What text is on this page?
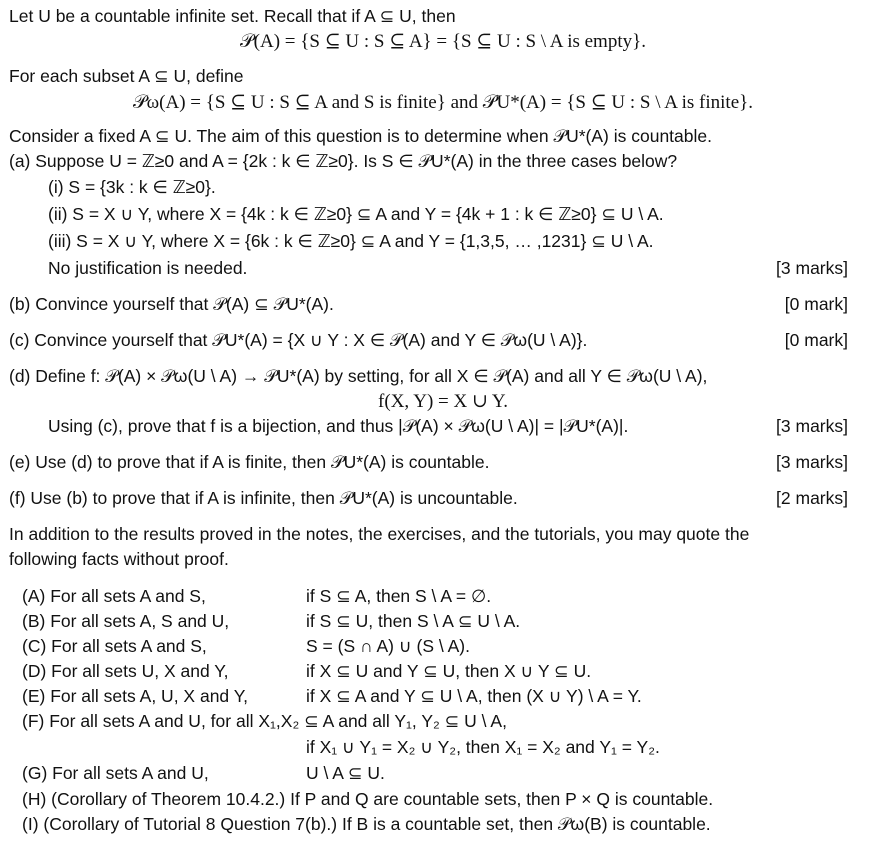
Let U be a countable infinite set. Recall that if A ⊆ U, then
𝒫(A) = {S ⊆ U : S ⊆ A} = {S ⊆ U : S \ A is empty}.
For each subset A ⊆ U, define
𝒫ω(A) = {S ⊆ U : S ⊆ A and S is finite} and 𝒫U*(A) = {S ⊆ U : S \ A is finite}.
Consider a fixed A ⊆ U. The aim of this question is to determine when 𝒫U*(A) is countable.
(a) Suppose U = ℤ≥0 and A = {2k : k ∈ ℤ≥0}. Is S ∈ 𝒫U*(A) in the three cases below?
(i) S = {3k : k ∈ ℤ≥0}.
(ii) S = X ∪ Y, where X = {4k : k ∈ ℤ≥0} ⊆ A and Y = {4k + 1 : k ∈ ℤ≥0} ⊆ U \ A.
(iii) S = X ∪ Y, where X = {6k : k ∈ ℤ≥0} ⊆ A and Y = {1,3,5, … ,1231} ⊆ U \ A.
No justification is needed.	[3 marks]
(b) Convince yourself that 𝒫(A) ⊆ 𝒫U*(A).	[0 mark]
(c) Convince yourself that 𝒫U*(A) = {X ∪ Y : X ∈ 𝒫(A) and Y ∈ 𝒫ω(U \ A)}.	[0 mark]
(d) Define f: 𝒫(A) × 𝒫ω(U \ A) → 𝒫U*(A) by setting, for all X ∈ 𝒫(A) and all Y ∈ 𝒫ω(U \ A),
f(X, Y) = X ∪ Y.
Using (c), prove that f is a bijection, and thus |𝒫(A) × 𝒫ω(U \ A)| = |𝒫U*(A)|.	[3 marks]
(e) Use (d) to prove that if A is finite, then 𝒫U*(A) is countable.	[3 marks]
(f) Use (b) to prove that if A is infinite, then 𝒫U*(A) is uncountable.	[2 marks]
In addition to the results proved in the notes, the exercises, and the tutorials, you may quote the
following facts without proof.
(A) For all sets A and S,	if S ⊆ A, then S \ A = ∅.
(B) For all sets A, S and U,	if S ⊆ U, then S \ A ⊆ U \ A.
(C) For all sets A and S,	S = (S ∩ A) ∪ (S \ A).
(D) For all sets U, X and Y,	if X ⊆ U and Y ⊆ U, then X ∪ Y ⊆ U.
(E) For all sets A, U, X and Y,	if X ⊆ A and Y ⊆ U \ A, then (X ∪ Y) \ A = Y.
(F) For all sets A and U, for all X₁,X₂ ⊆ A and all Y₁, Y₂ ⊆ U \ A,
if X₁ ∪ Y₁ = X₂ ∪ Y₂, then X₁ = X₂ and Y₁ = Y₂.
(G) For all sets A and U,	U \ A ⊆ U.
(H) (Corollary of Theorem 10.4.2.) If P and Q are countable sets, then P × Q is countable.
(I) (Corollary of Tutorial 8 Question 7(b).) If B is a countable set, then 𝒫ω(B) is countable.
